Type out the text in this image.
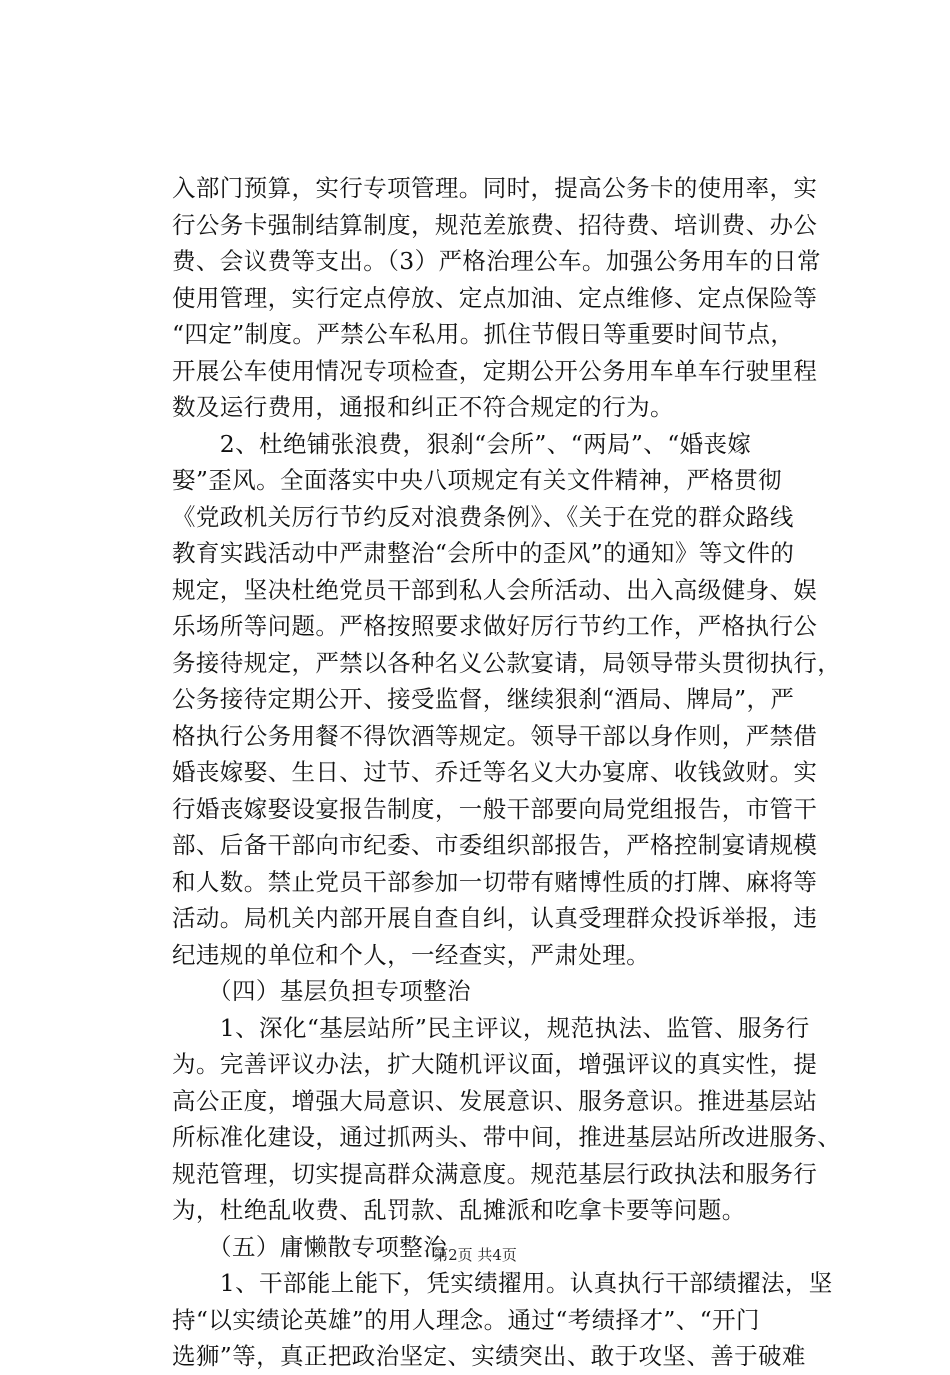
入部门预算，实行专项管理。同时，提高公务卡的使用率，实
行公务卡强制结算制度，规范差旅费、招待费、培训费、办公
费、会议费等支出。（3）严格治理公车。加强公务用车的日常
使用管理，实行定点停放、定点加油、定点维修、定点保险等
“四定”制度。严禁公车私用。抓住节假日等重要时间节点，
开展公车使用情况专项检查，定期公开公务用车单车行驶里程
数及运行费用，通报和纠正不符合规定的行为。
　　2、杜绝铺张浪费，狠刹“会所”、“两局”、“婚丧嫁
娶”歪风。全面落实中央八项规定有关文件精神，严格贯彻
《党政机关厉行节约反对浪费条例》、《关于在党的群众路线
教育实践活动中严肃整治“会所中的歪风”的通知》等文件的
规定，坚决杜绝党员干部到私人会所活动、出入高级健身、娱
乐场所等问题。严格按照要求做好厉行节约工作，严格执行公
务接待规定，严禁以各种名义公款宴请，局领导带头贯彻执行，
公务接待定期公开、接受监督，继续狠刹“酒局、牌局”，严
格执行公务用餐不得饮酒等规定。领导干部以身作则，严禁借
婚丧嫁娶、生日、过节、乔迁等名义大办宴席、收钱敛财。实
行婚丧嫁娶设宴报告制度，一般干部要向局党组报告，市管干
部、后备干部向市纪委、市委组织部报告，严格控制宴请规模
和人数。禁止党员干部参加一切带有赌博性质的打牌、麻将等
活动。局机关内部开展自查自纠，认真受理群众投诉举报，违
纪违规的单位和个人，一经查实，严肃处理。
　　（四）基层负担专项整治
　　1、深化“基层站所”民主评议，规范执法、监管、服务行
为。完善评议办法，扩大随机评议面，增强评议的真实性，提
高公正度，增强大局意识、发展意识、服务意识。推进基层站
所标准化建设，通过抓两头、带中间，推进基层站所改进服务、
规范管理，切实提高群众满意度。规范基层行政执法和服务行
为，杜绝乱收费、乱罚款、乱摊派和吃拿卡要等问题。
　　（五）庸懒散专项整治
　　1、干部能上能下，凭实绩擢用。认真执行干部绩擢法，坚
持“以实绩论英雄”的用人理念。通过“考绩择才”、“开门
选狮”等，真正把政治坚定、实绩突出、敢于攻坚、善于破难
第2页 共4页
